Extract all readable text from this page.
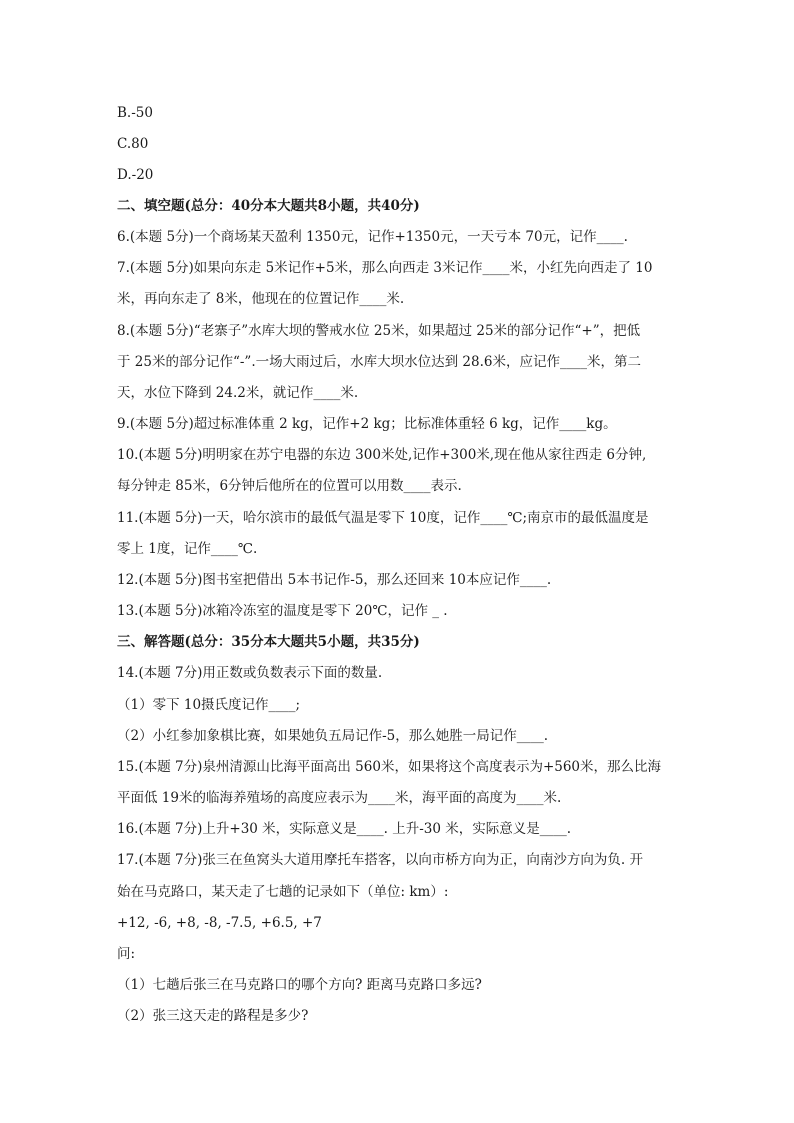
B.-50
C.80
D.-20
二、填空题(总分：40分本大题共8小题，共40分)
6.(本题 5分)一个商场某天盈利 1350元，记作+1350元，一天亏本 70元，记作____.
7.(本题 5分)如果向东走 5米记作+5米，那么向西走 3米记作____米，小红先向西走了 10
米，再向东走了 8米，他现在的位置记作____米.
8.(本题 5分)“老寨子”水库大坝的警戒水位 25米，如果超过 25米的部分记作“+”，把低
于 25米的部分记作“-”.一场大雨过后，水库大坝水位达到 28.6米，应记作____米，第二
天，水位下降到 24.2米，就记作____米.
9.(本题 5分)超过标准体重 2 kg，记作+2 kg；比标准体重轻 6 kg，记作____kg。
10.(本题 5分)明明家在苏宁电器的东边 300米处,记作+300米,现在他从家往西走 6分钟,
每分钟走 85米，6分钟后他所在的位置可以用数____表示.
11.(本题 5分)一天，哈尔滨市的最低气温是零下 10度，记作____℃;南京市的最低温度是
零上 1度，记作____℃.
12.(本题 5分)图书室把借出 5本书记作-5，那么还回来 10本应记作____.
13.(本题 5分)冰箱冷冻室的温度是零下 20℃，记作 _ .
三、解答题(总分：35分本大题共5小题，共35分)
14.(本题 7分)用正数或负数表示下面的数量.
（1）零下 10摄氏度记作____;
（2）小红参加象棋比赛，如果她负五局记作-5，那么她胜一局记作____.
15.(本题 7分)泉州清源山比海平面高出 560米，如果将这个高度表示为+560米，那么比海
平面低 19米的临海养殖场的高度应表示为____米，海平面的高度为____米.
16.(本题 7分)上升+30 米，实际意义是____. 上升-30 米，实际意义是____.
17.(本题 7分)张三在鱼窝头大道用摩托车搭客，以向市桥方向为正，向南沙方向为负. 开
始在马克路口，某天走了七趟的记录如下（单位: km）:
+12, -6, +8, -8, -7.5, +6.5, +7
问:
（1）七趟后张三在马克路口的哪个方向? 距离马克路口多远?
（2）张三这天走的路程是多少?
